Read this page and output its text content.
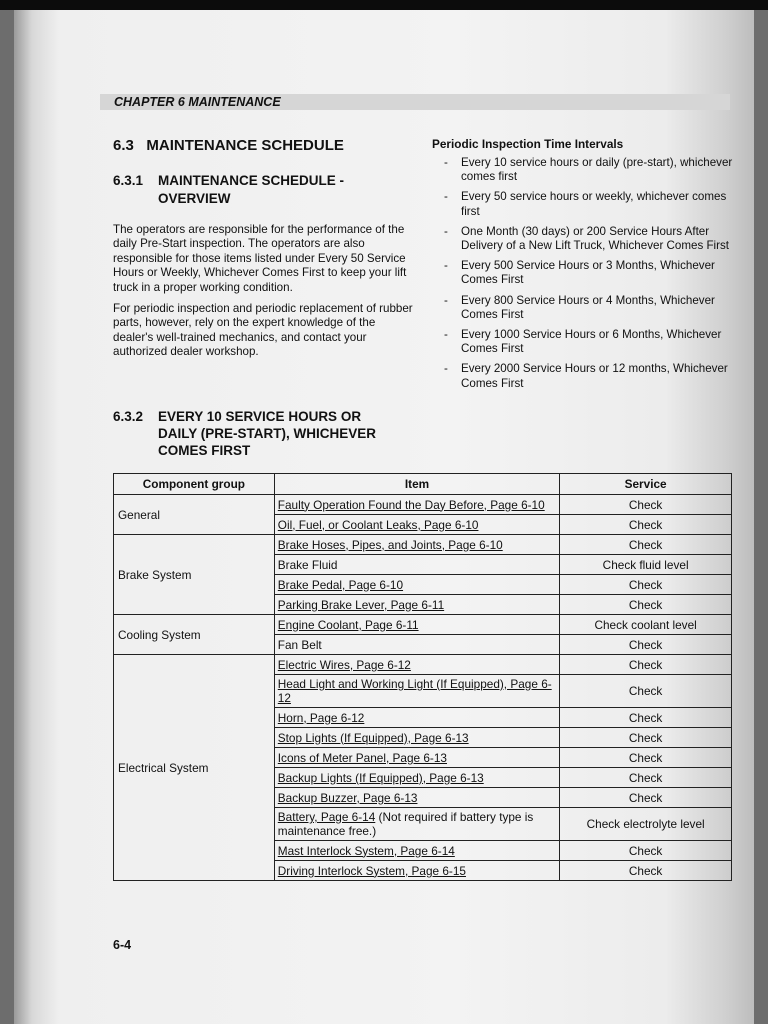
CHAPTER 6 MAINTENANCE
6.3 MAINTENANCE SCHEDULE
6.3.1 MAINTENANCE SCHEDULE - OVERVIEW
The operators are responsible for the performance of the daily Pre-Start inspection. The operators are also responsible for those items listed under Every 50 Service Hours or Weekly, Whichever Comes First to keep your lift truck in a proper working condition.
For periodic inspection and periodic replacement of rubber parts, however, rely on the expert knowledge of the dealer's well-trained mechanics, and contact your authorized dealer workshop.
6.3.2 EVERY 10 SERVICE HOURS OR DAILY (PRE-START), WHICHEVER COMES FIRST
Periodic Inspection Time Intervals
- Every 10 service hours or daily (pre-start), whichever comes first
- Every 50 service hours or weekly, whichever comes first
- One Month (30 days) or 200 Service Hours After Delivery of a New Lift Truck, Whichever Comes First
- Every 500 Service Hours or 3 Months, Whichever Comes First
- Every 800 Service Hours or 4 Months, Whichever Comes First
- Every 1000 Service Hours or 6 Months, Whichever Comes First
- Every 2000 Service Hours or 12 months, Whichever Comes First
Component group	Item	Service
General	Faulty Operation Found the Day Before, Page 6-10	Check
	Oil, Fuel, or Coolant Leaks, Page 6-10	Check
Brake System	Brake Hoses, Pipes, and Joints, Page 6-10	Check
	Brake Fluid	Check fluid level
	Brake Pedal, Page 6-10	Check
	Parking Brake Lever, Page 6-11	Check
Cooling System	Engine Coolant, Page 6-11	Check coolant level
	Fan Belt	Check
Electrical System	Electric Wires, Page 6-12	Check
	Head Light and Working Light (If Equipped), Page 6-12	Check
	Horn, Page 6-12	Check
	Stop Lights (If Equipped), Page 6-13	Check
	Icons of Meter Panel, Page 6-13	Check
	Backup Lights (If Equipped), Page 6-13	Check
	Backup Buzzer, Page 6-13	Check
	Battery, Page 6-14 (Not required if battery type is maintenance free.)	Check electrolyte level
	Mast Interlock System, Page 6-14	Check
	Driving Interlock System, Page 6-15	Check
6-4
